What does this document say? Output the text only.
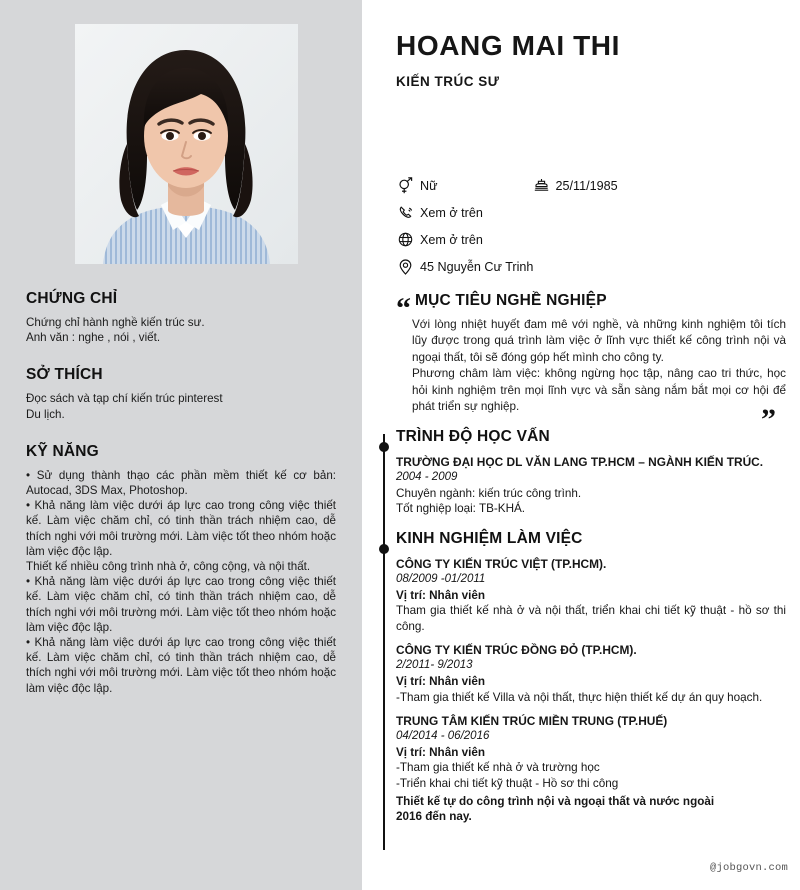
CHỨNG CHỈ
Chứng chỉ hành nghề kiến trúc sư.
Anh văn : nghe , nói , viết.
SỞ THÍCH
Đọc sách và tạp chí kiến trúc pinterest
Du lịch.
KỸ NĂNG

• Sử dụng thành thạo các phần mềm thiết kế cơ bản: Autocad, 3DS Max, Photoshop.

• Khả năng làm việc dưới áp lực cao trong công việc thiết kế. Làm việc chăm chỉ, có tinh thần trách nhiệm cao, dễ thích nghi với môi trường mới. Làm việc tốt theo nhóm hoặc làm việc độc lập.

Thiết kế nhiều công trình nhà ở, công cộng, và nội thất.

• Khả năng làm việc dưới áp lực cao trong công việc thiết kế. Làm việc chăm chỉ, có tinh thần trách nhiệm cao, dễ thích nghi với môi trường mới. Làm việc tốt theo nhóm hoặc làm việc độc lập.

• Khả năng làm việc dưới áp lực cao trong công việc thiết kế. Làm việc chăm chỉ, có tinh thần trách nhiệm cao, dễ thích nghi với môi trường mới. Làm việc tốt theo nhóm hoặc làm việc độc lập.

HOANG MAI THI
KIẾN TRÚC SƯ
Nữ	25/11/1985
Xem ở trên
Xem ở trên
45 Nguyễn Cư Trinh
“ MỤC TIÊU NGHỀ NGHIỆP

Với lòng nhiệt huyết đam mê với nghề, và những kinh nghiệm tôi tích lũy được trong quá trình làm việc ở lĩnh vực thiết kế công trình nội và ngoại thất, tôi sẽ đóng góp hết mình cho công ty.

Phương châm làm việc: không ngừng học tập, nâng cao tri thức, học hỏi kinh nghiệm trên mọi lĩnh vực và sẵn sàng nắm bắt mọi cơ hội để phát triển sự nghiệp.	”
TRÌNH ĐỘ HỌC VẤN
TRƯỜNG ĐẠI HỌC DL VĂN LANG TP.HCM – NGÀNH KIẾN TRÚC.
2004 - 2009
Chuyên ngành: kiến trúc công trình.
Tốt nghiệp loại: TB-KHÁ.
KINH NGHIỆM LÀM VIỆC
CÔNG TY KIẾN TRÚC VIỆT (TP.HCM).
08/2009 -01/2011
Vị trí: Nhân viên
Tham gia thiết kế nhà ở và nội thất, triển khai chi tiết kỹ thuật - hồ sơ thi công.
CÔNG TY KIẾN TRÚC ĐỒNG ĐỎ (TP.HCM).
2/2011- 9/2013
Vị trí: Nhân viên
-Tham gia thiết kế Villa và nội thất, thực hiện thiết kế dự án quy hoạch.
TRUNG TÂM KIẾN TRÚC MIỀN TRUNG (TP.HUẾ)
04/2014 - 06/2016
Vị trí: Nhân viên
-Tham gia thiết kế nhà ở và trường học
-Triển khai chi tiết kỹ thuật - Hồ sơ thi công
Thiết kế tự do công trình nội và ngoại thất và nước ngoài
2016 đến nay.
@jobgovn.com
